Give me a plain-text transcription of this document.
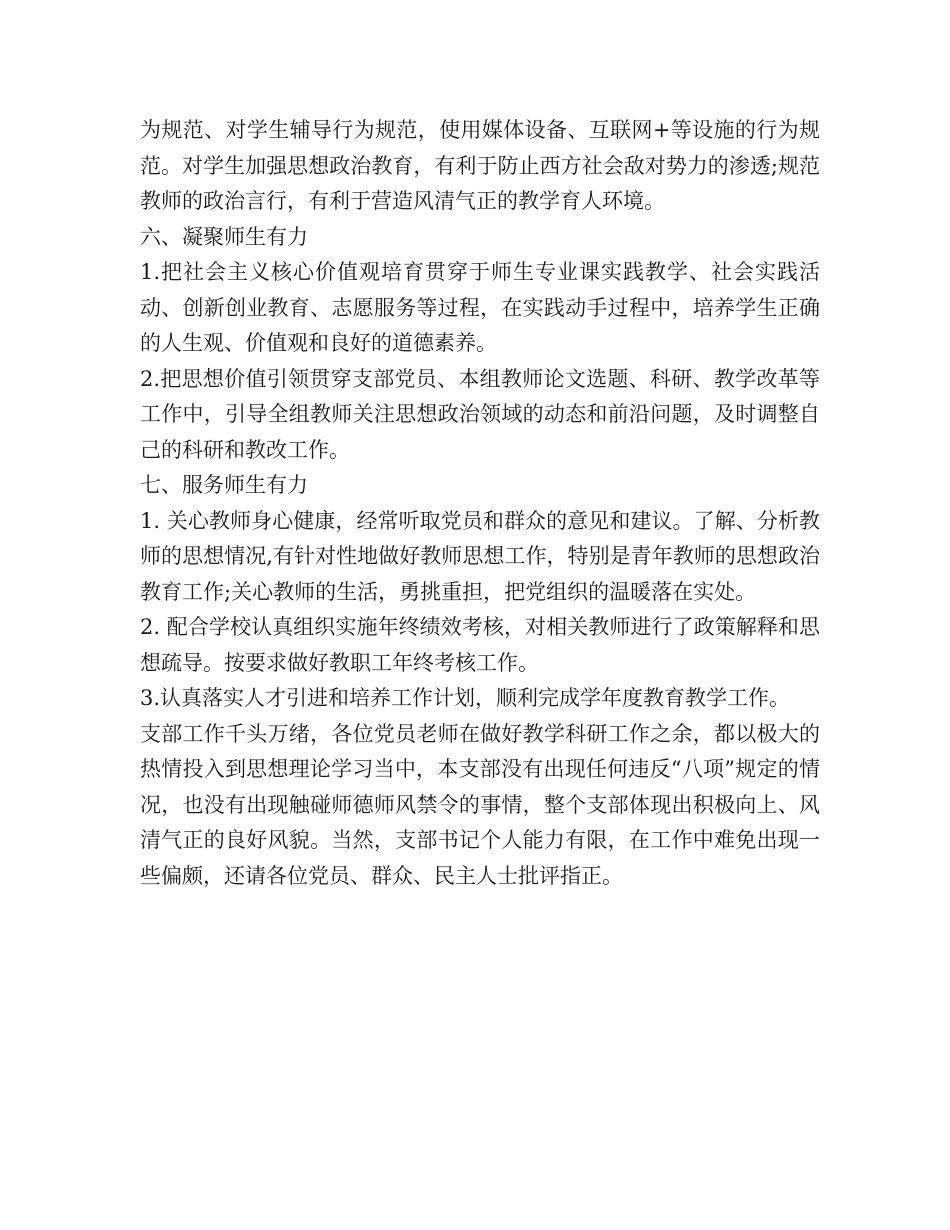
为规范、对学生辅导行为规范，使用媒体设备、互联网+等设施的行为规范。对学生加强思想政治教育，有利于防止西方社会敌对势力的渗透;规范教师的政治言行，有利于营造风清气正的教学育人环境。

六、凝聚师生有力

1.把社会主义核心价值观培育贯穿于师生专业课实践教学、社会实践活动、创新创业教育、志愿服务等过程，在实践动手过程中，培养学生正确的人生观、价值观和良好的道德素养。

2.把思想价值引领贯穿支部党员、本组教师论文选题、科研、教学改革等工作中，引导全组教师关注思想政治领域的动态和前沿问题，及时调整自己的科研和教改工作。

七、服务师生有力

1. 关心教师身心健康，经常听取党员和群众的意见和建议。了解、分析教师的思想情况,有针对性地做好教师思想工作，特别是青年教师的思想政治教育工作;关心教师的生活，勇挑重担，把党组织的温暖落在实处。

2. 配合学校认真组织实施年终绩效考核，对相关教师进行了政策解释和思想疏导。按要求做好教职工年终考核工作。

3.认真落实人才引进和培养工作计划，顺利完成学年度教育教学工作。

支部工作千头万绪，各位党员老师在做好教学科研工作之余，都以极大的热情投入到思想理论学习当中，本支部没有出现任何违反“八项”规定的情况，也没有出现触碰师德师风禁令的事情，整个支部体现出积极向上、风清气正的良好风貌。当然，支部书记个人能力有限，在工作中难免出现一些偏颇，还请各位党员、群众、民主人士批评指正。
